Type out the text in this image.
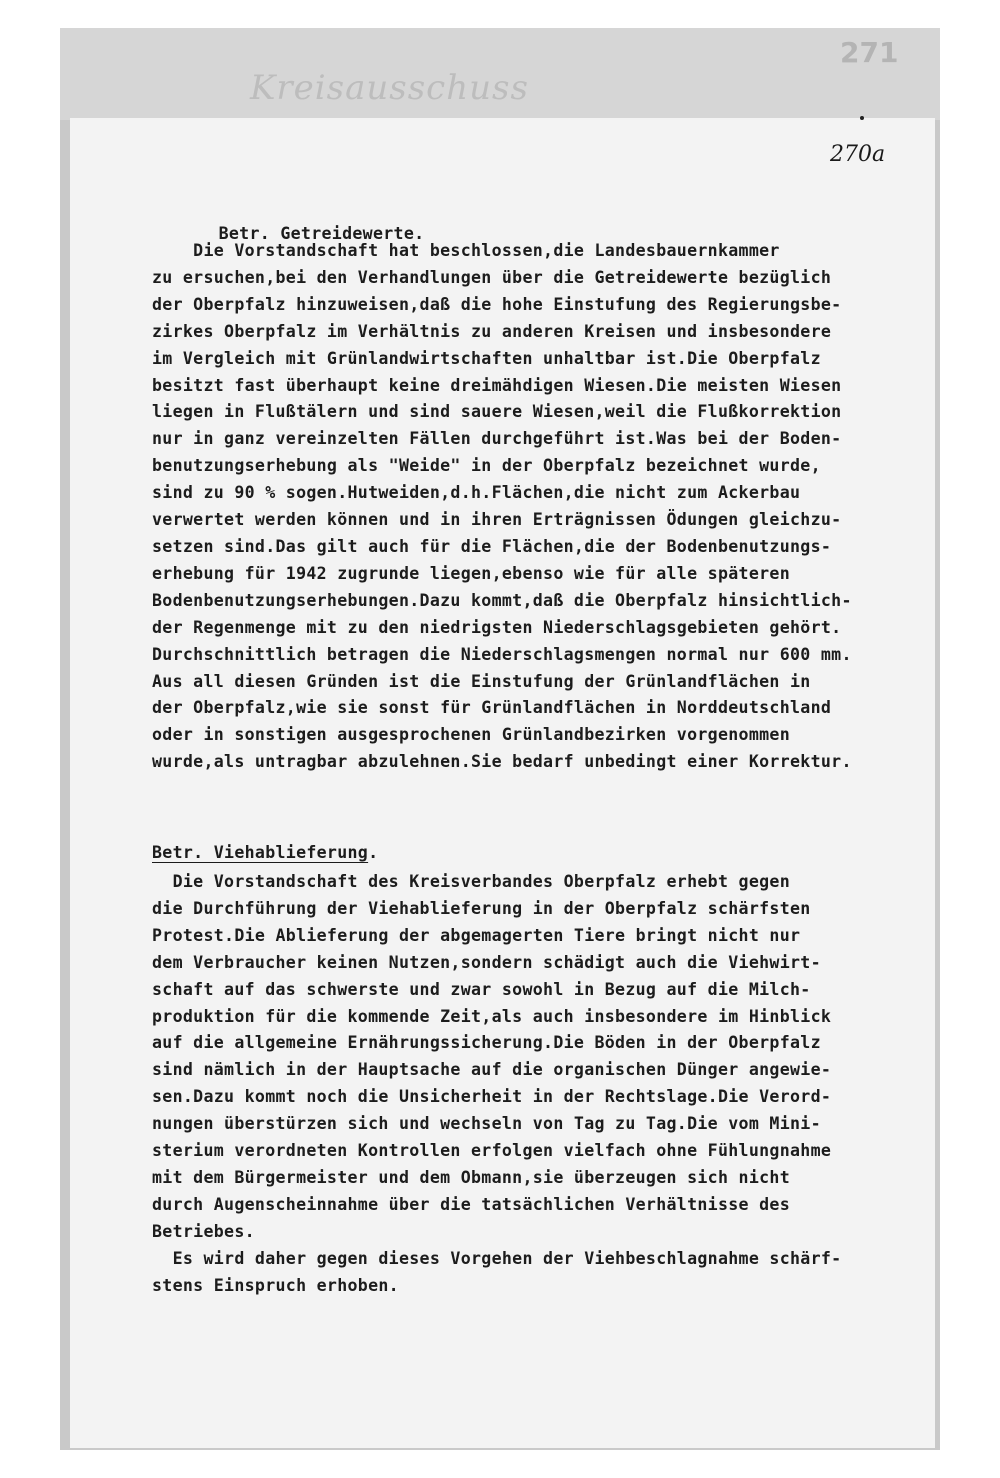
Kreisausschuss
271
270a

Betr. Getreidewerte.

Die Vorstandschaft hat beschlossen,die Landesbauernkammer
zu ersuchen,bei den Verhandlungen über die Getreidewerte bezüglich
der Oberpfalz hinzuweisen,daß die hohe Einstufung des Regierungsbe-
zirkes Oberpfalz im Verhältnis zu anderen Kreisen und insbesondere
im Vergleich mit Grünlandwirtschaften unhaltbar ist.Die Oberpfalz
besitzt fast überhaupt keine dreimähdigen Wiesen.Die meisten Wiesen
liegen in Flußtälern und sind sauere Wiesen,weil die Flußkorrektion
nur in ganz vereinzelten Fällen durchgeführt ist.Was bei der Boden-
benutzungserhebung als "Weide" in der Oberpfalz bezeichnet wurde,
sind zu 90 % sogen.Hutweiden,d.h.Flächen,die nicht zum Ackerbau
verwertet werden können und in ihren Erträgnissen Ödungen gleichzu-
setzen sind.Das gilt auch für die Flächen,die der Bodenbenutzungs-
erhebung für 1942 zugrunde liegen,ebenso wie für alle späteren
Bodenbenutzungserhebungen.Dazu kommt,daß die Oberpfalz hinsichtlich-
der Regenmenge mit zu den niedrigsten Niederschlagsgebieten gehört.
Durchschnittlich betragen die Niederschlagsmengen normal nur 600 mm.
Aus all diesen Gründen ist die Einstufung der Grünlandflächen in
der Oberpfalz,wie sie sonst für Grünlandflächen in Norddeutschland
oder in sonstigen ausgesprochenen Grünlandbezirken vorgenommen
wurde,als untragbar abzulehnen.Sie bedarf unbedingt einer Korrektur.
Betr. Viehablieferung.
Die Vorstandschaft des Kreisverbandes Oberpfalz erhebt gegen
die Durchführung der Viehablieferung in der Oberpfalz schärfsten
Protest.Die Ablieferung der abgemagerten Tiere bringt nicht nur
dem Verbraucher keinen Nutzen,sondern schädigt auch die Viehwirt-
schaft auf das schwerste und zwar sowohl in Bezug auf die Milch-
produktion für die kommende Zeit,als auch insbesondere im Hinblick
auf die allgemeine Ernährungssicherung.Die Böden in der Oberpfalz
sind nämlich in der Hauptsache auf die organischen Dünger angewie-
sen.Dazu kommt noch die Unsicherheit in der Rechtslage.Die Verord-
nungen überstürzen sich und wechseln von Tag zu Tag.Die vom Mini-
sterium verordneten Kontrollen erfolgen vielfach ohne Fühlungnahme
mit dem Bürgermeister und dem Obmann,sie überzeugen sich nicht
durch Augenscheinnahme über die tatsächlichen Verhältnisse des
Betriebes.
Es wird daher gegen dieses Vorgehen der Viehbeschlagnahme schärf-
stens Einspruch erhoben.
